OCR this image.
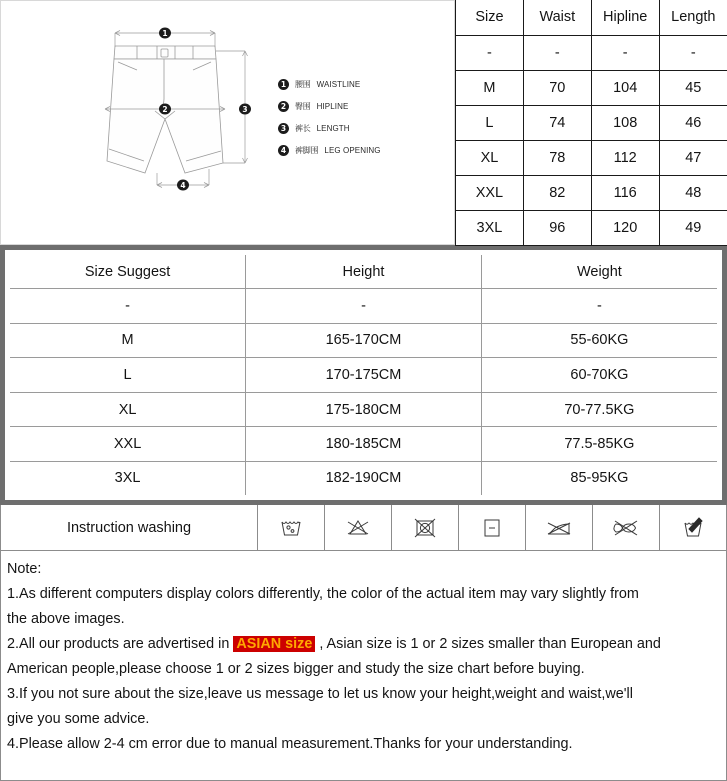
1
2	3
4
1	腰围 WAISTLINE
2	臀围 HIPLINE
3	裤长 LENGTH
4	裤脚围 LEG OPENING
Size	Waist	Hipline	Length
-	-	-	-
M	70	104	45
L	74	108	46
XL	78	112	47
XXL	82	116	48
3XL	96	120	49
Size Suggest	Height	Weight
-	-	-
M	165-170CM	55-60KG
L	170-175CM	60-70KG
XL	175-180CM	70-77.5KG
XXL	180-185CM	77.5-85KG
3XL	182-190CM	85-95KG
Instruction washing
Note:
1.As different computers display colors differently, the color of the actual item may vary slightly from
the above images.
2.All our products are advertised in ASIAN size , Asian size is 1 or 2 sizes smaller than European and
American people,please choose 1 or 2 sizes bigger and study the size chart before buying.
3.If you not sure about the size,leave us message to let us know your height,weight and waist,we'll
give you some advice.
4.Please allow 2-4 cm error due to manual measurement.Thanks for your understanding.
